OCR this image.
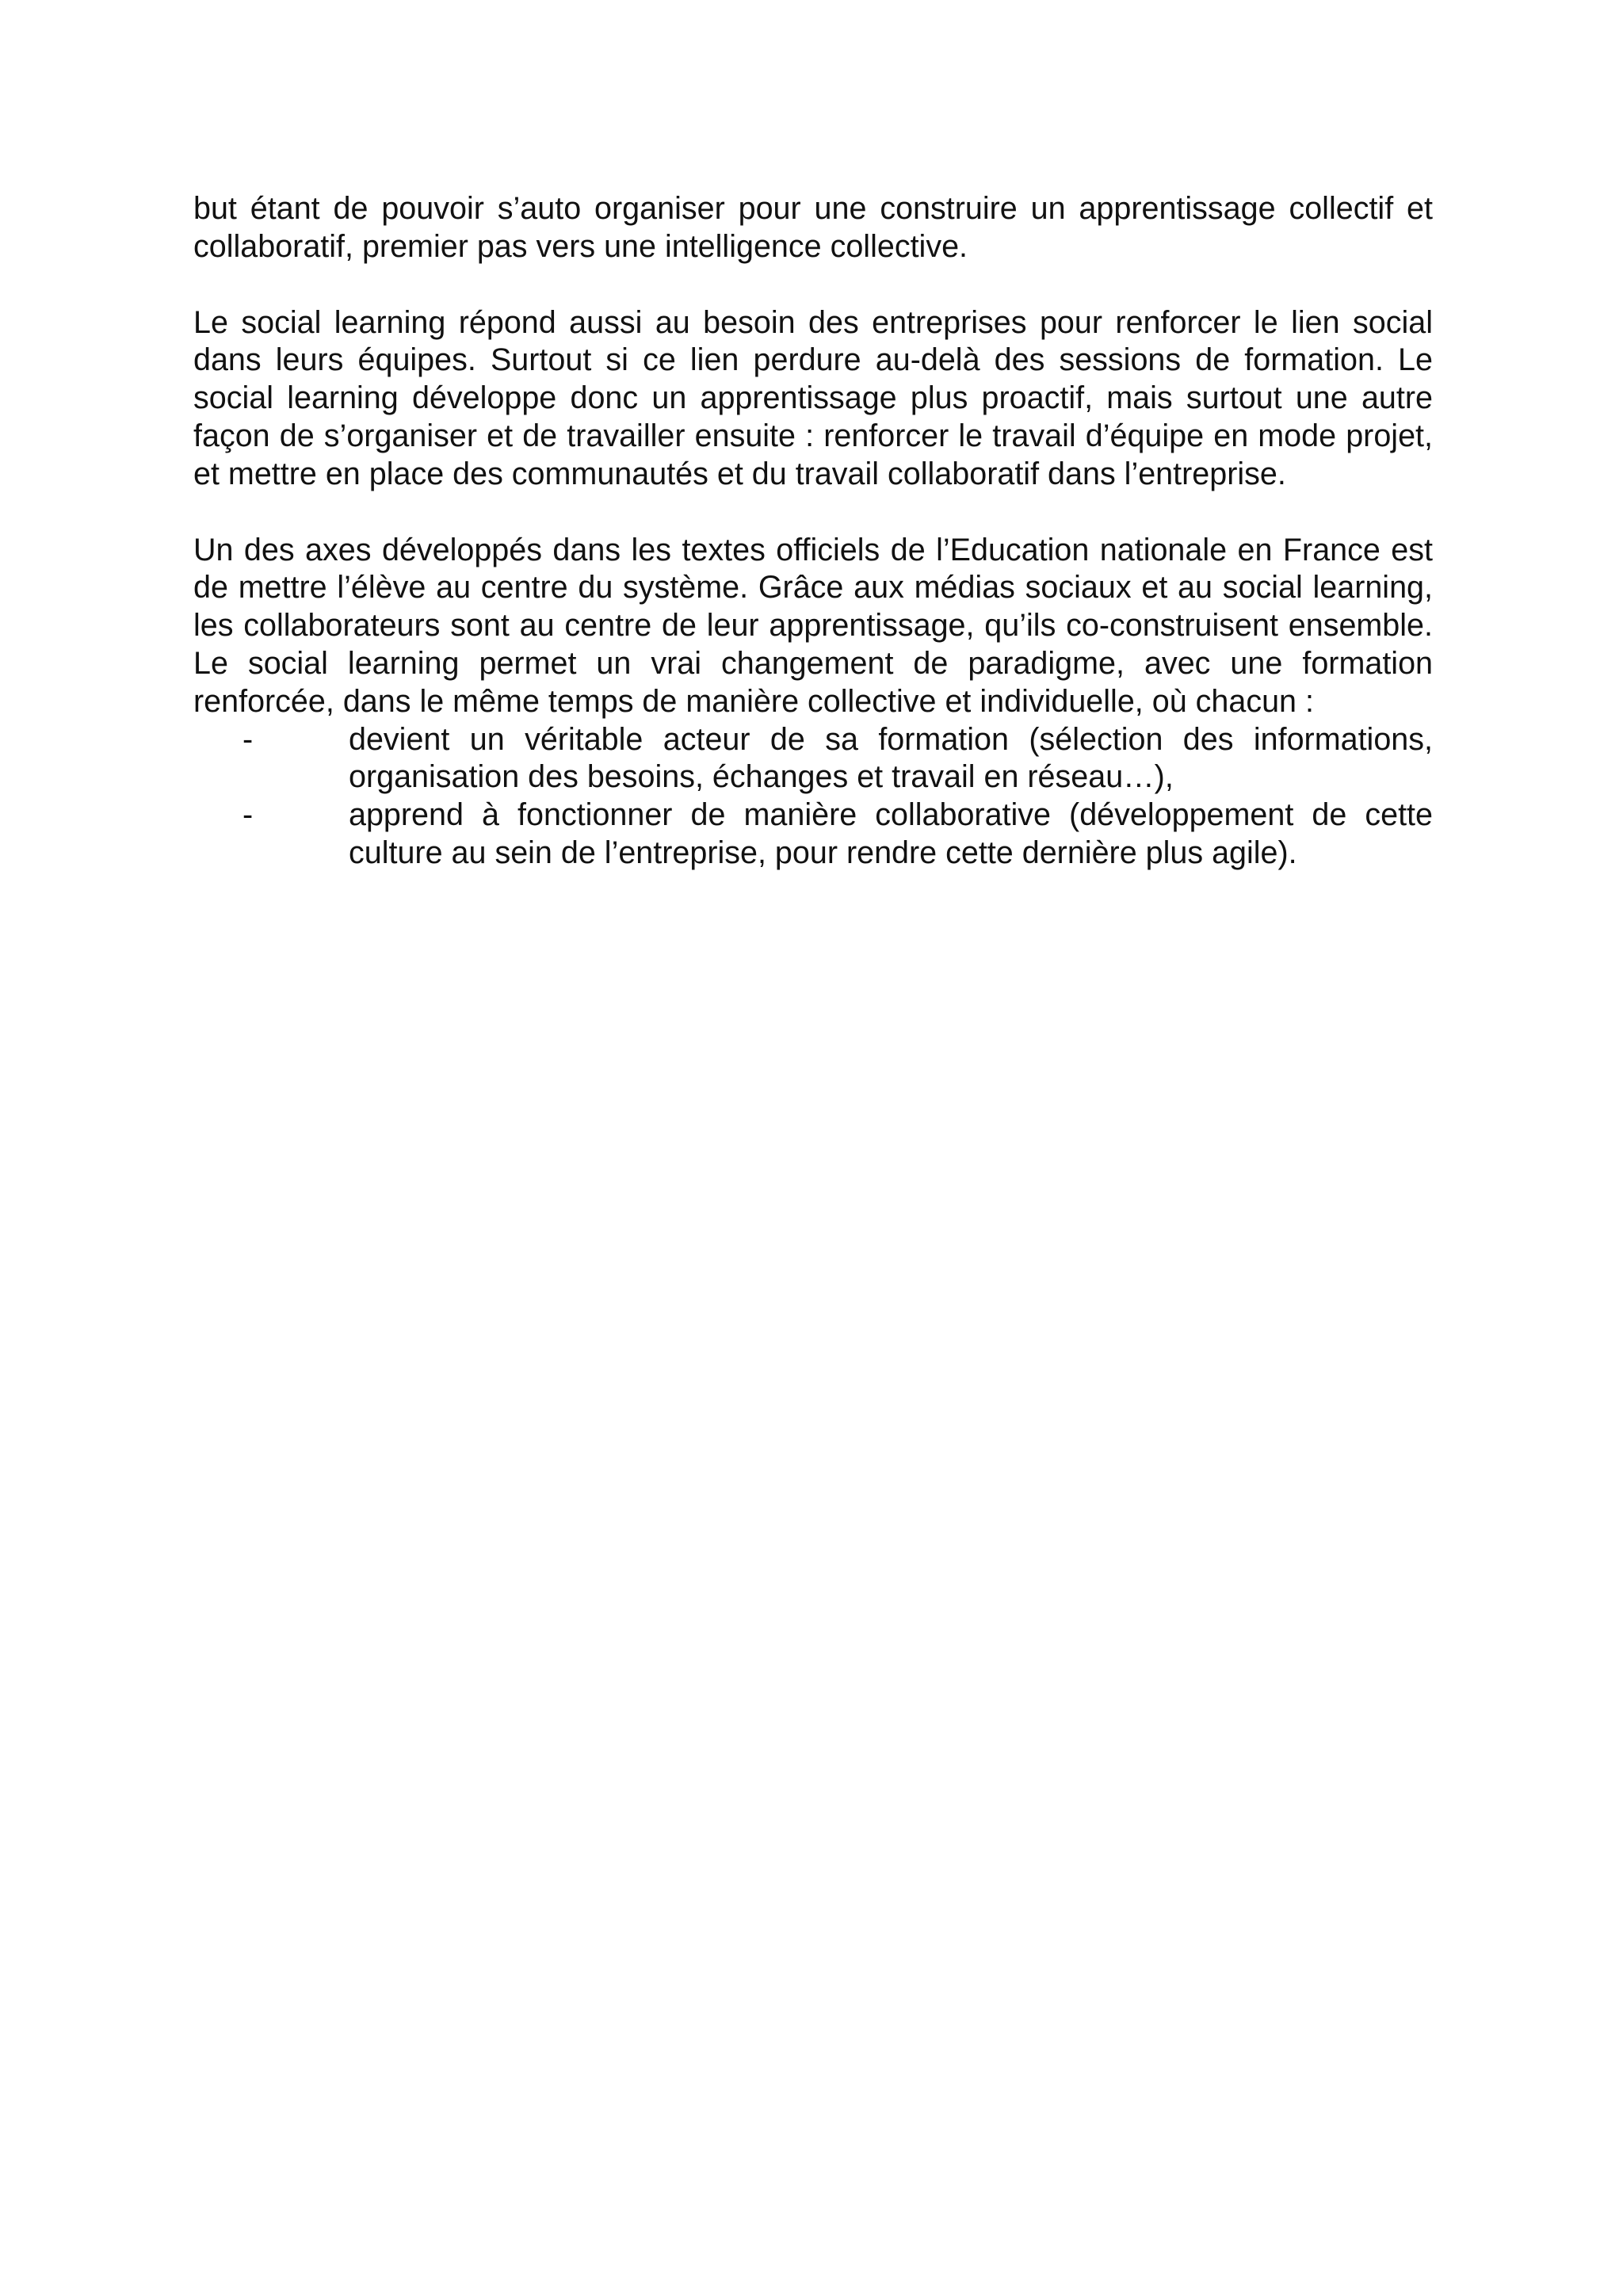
but étant de pouvoir s’auto organiser pour une construire un apprentissage collectif et collaboratif, premier pas vers une intelligence collective.

Le social learning répond aussi au besoin des entreprises pour renforcer le lien social dans leurs équipes. Surtout si ce lien perdure au-delà des sessions de formation. Le social learning développe donc un apprentissage plus proactif, mais surtout une autre façon de s’organiser et de travailler ensuite : renforcer le travail d’équipe en mode projet, et mettre en place des communautés et du travail collaboratif dans l’entreprise.

Un des axes développés dans les textes officiels de l’Education nationale en France est de mettre l’élève au centre du système. Grâce aux médias sociaux et au social learning, les collaborateurs sont au centre de leur apprentissage, qu’ils co-construisent ensemble. Le social learning permet un vrai changement de paradigme, avec une formation renforcée, dans le même temps de manière collective et individuelle, où chacun :

-	devient un véritable acteur de sa formation (sélection des informations, organisation des besoins, échanges et travail en réseau…),
-	apprend à fonctionner de manière collaborative (développement de cette culture au sein de l’entreprise, pour rendre cette dernière plus agile).
